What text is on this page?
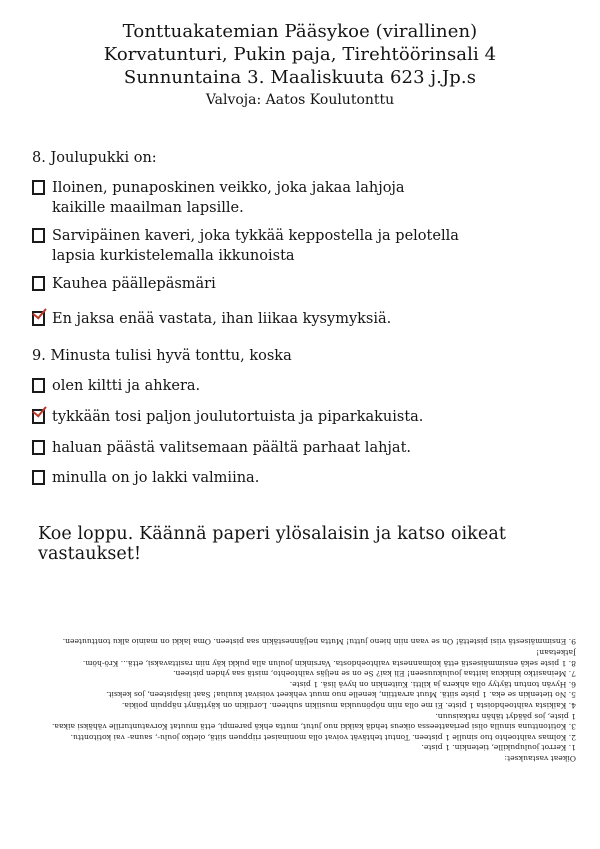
Tonttuakatemian Pääsykoe (virallinen)
Korvatunturi, Pukin paja, Tirehtöörinsali 4
Sunnuntaina 3. Maaliskuuta 623 j.Jp.s
Valvoja: Aatos Koulutonttu
8. Joulupukki on:
Iloinen, punaposkinen veikko, joka jakaa lahjoja
kaikille maailman lapsille.
Sarvipäinen kaveri, joka tykkää keppostella ja pelotella
lapsia kurkistelemalla ikkunoista
Kauhea päällepäsmäri
En jaksa enää vastata, ihan liikaa kysymyksiä.
9. Minusta tulisi hyvä tonttu, koska
olen kiltti ja ahkera.
tykkään tosi paljon joulutortuista ja piparkakuista.
haluan päästä valitsemaan päältä parhaat lahjat.
minulla on jo lakki valmiina.
Koe loppu. Käännä paperi ylösalaisin ja katso oikeat vastaukset!
Oikeat vastaukset:
1. Kerrot joulupukille, tietenkin. 1 piste.
2. Kolmas vaihtoehto tuo sinulle 1 pisteen. Tontut tehtävät voivat olla moninaiset riippuen siitä, oletko joulu-, sauna- vai kotitonttu.
3. Kotitonttuna sinulla olisi periaatteessa oikeus tehdä kaikki nuo jutut, mutta ehkä parempi, että muutat Korvatunturille vähäksi aikaa.
1 piste, jos päädyt tähän ratkaisuun.
4. Kaikista vaihtoehdoista 1 piste. Ei me olla niin nöpönuukia musiikin suhteen. Lordikin on käyttänyt näppuin poikia.
5. No tietenkin se eka. 1 piste siitä. Muut arvattiin, kenelle nuo muut vehkeet voisivat kuulua! Saat lisäpisteen, jos keksit.
6. Hyvän tontun täytyy olla ahkera ja kiltti. Kuitenkin on hyvä lisä. 1 piste.
7. Meinasitko kinkkua laittaa joulukuuseen! Eli kai? Se on se neljäs vaihtoehto, mistä saa yhden pisteen.
8. 1 piste sekä ensimmäisestä että kolmannesta vaihtoehdosta. Varsinkin joulun alla pukki käy niin rasittavaksi, että... Krö-höm.
Jatketaan!
9. Ensimmäisestä viisi pistettä! On se vaan niin hieno juttu! Mutta neljännestäkin saa pisteen. Oma lakki on mainio alku tonttuuteen.
